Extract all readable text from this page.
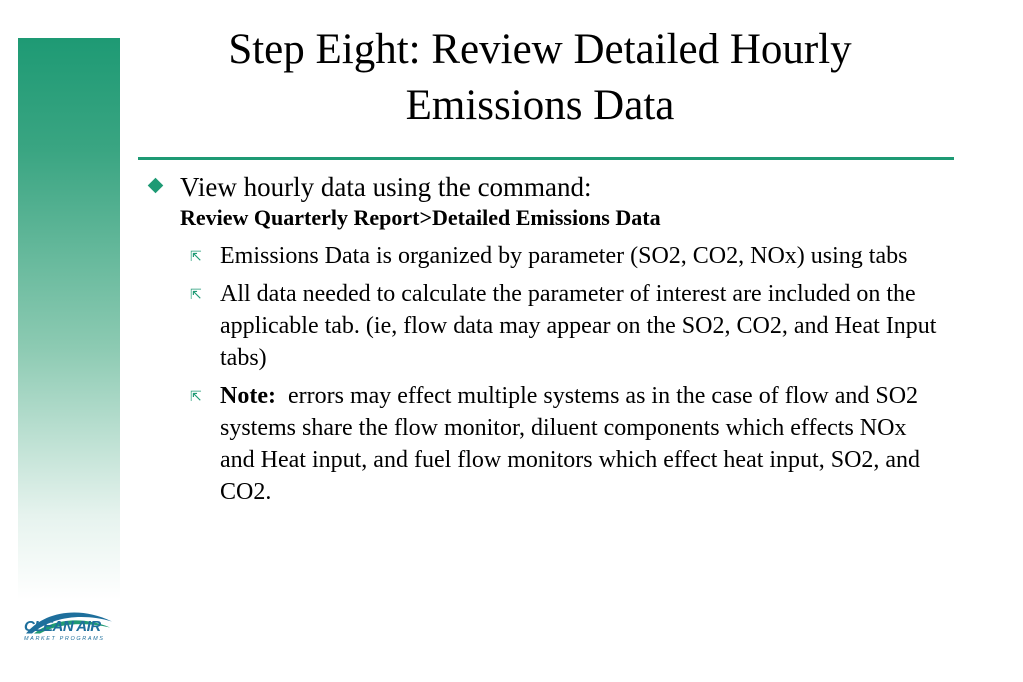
Step Eight: Review Detailed Hourly
Emissions Data
View hourly data using the command:
Review Quarterly Report>Detailed Emissions Data
⇱ Emissions Data is organized by parameter (SO2, CO2, NOx) using tabs
⇱ All data needed to calculate the parameter of interest are included on the applicable tab. (ie, flow data may appear on the SO2, CO2, and Heat Input tabs)
⇱ Note: errors may effect multiple systems as in the case of flow and SO2 systems share the flow monitor, diluent components which effects NOx and Heat input, and fuel flow monitors which effect heat input, SO2, and CO2.
CLEAN AIR
MARKET PROGRAMS
